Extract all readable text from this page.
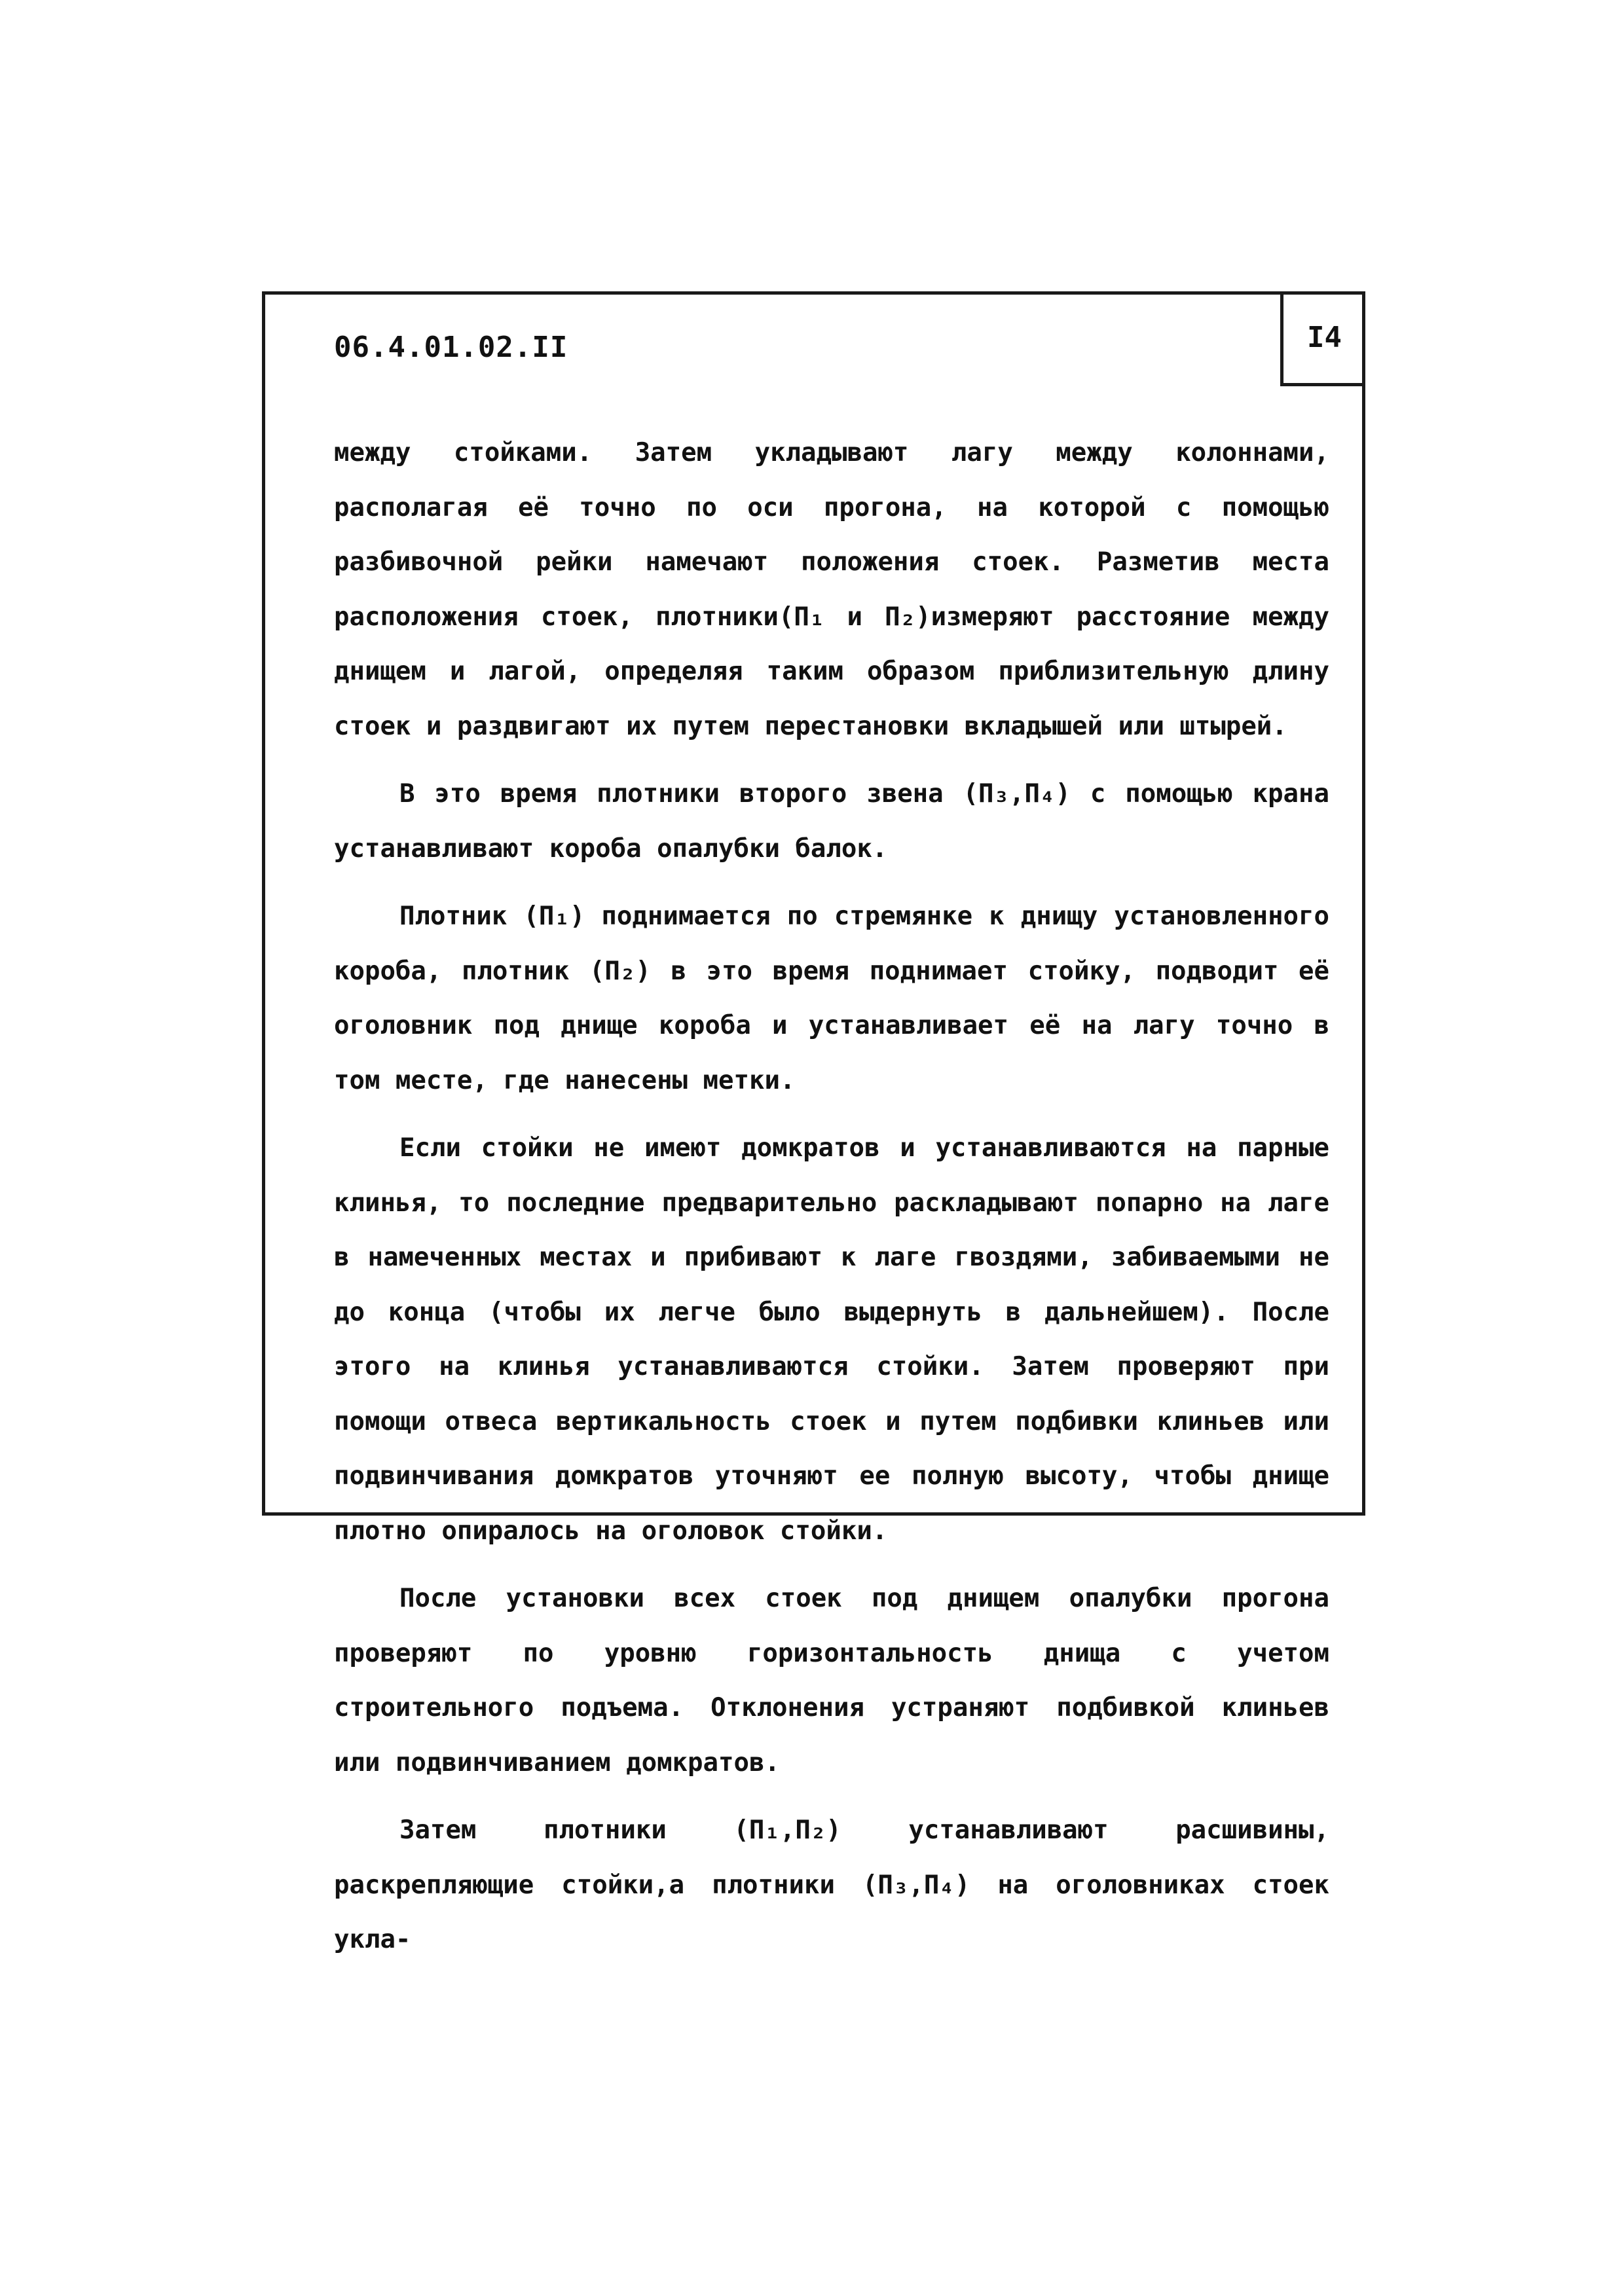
06.4.01.02.II	I4

между стойками. Затем укладывают лагу между колоннами, располагая её точно по оси прогона, на которой с помощью разбивочной рейки намечают положения стоек. Разметив места расположения стоек, плотники(П₁ и П₂)измеряют расстояние между днищем и лагой, определяя таким образом приблизительную длину стоек и раздвигают их путем перестановки вкладышей или штырей.

В это время плотники второго звена (П₃,П₄) с помощью крана устанавливают короба опалубки балок.

Плотник (П₁) поднимается по стремянке к днищу установленного короба, плотник (П₂) в это время поднимает стойку, подводит её оголовник под днище короба и устанавливает её на лагу точно в том месте, где нанесены метки.

Если стойки не имеют домкратов и устанавливаются на парные клинья, то последние предварительно раскладывают попарно на лаге в намеченных местах и прибивают к лаге гвоздями, забиваемыми не до конца (чтобы их легче было выдернуть в дальнейшем). После этого на клинья устанавливаются стойки. Затем проверяют при помощи отвеса вертикальность стоек и путем подбивки клиньев или подвинчивания домкратов уточняют ее полную высоту, чтобы днище плотно опиралось на оголовок стойки.

После установки всех стоек под днищем опалубки прогона проверяют по уровню горизонтальность днища с учетом строительного подъема. Отклонения устраняют подбивкой клиньев или подвинчиванием домкратов.

Затем плотники (П₁,П₂) устанавливают расшивины, раскрепляющие стойки,а плотники (П₃,П₄) на оголовниках стоек укла-
